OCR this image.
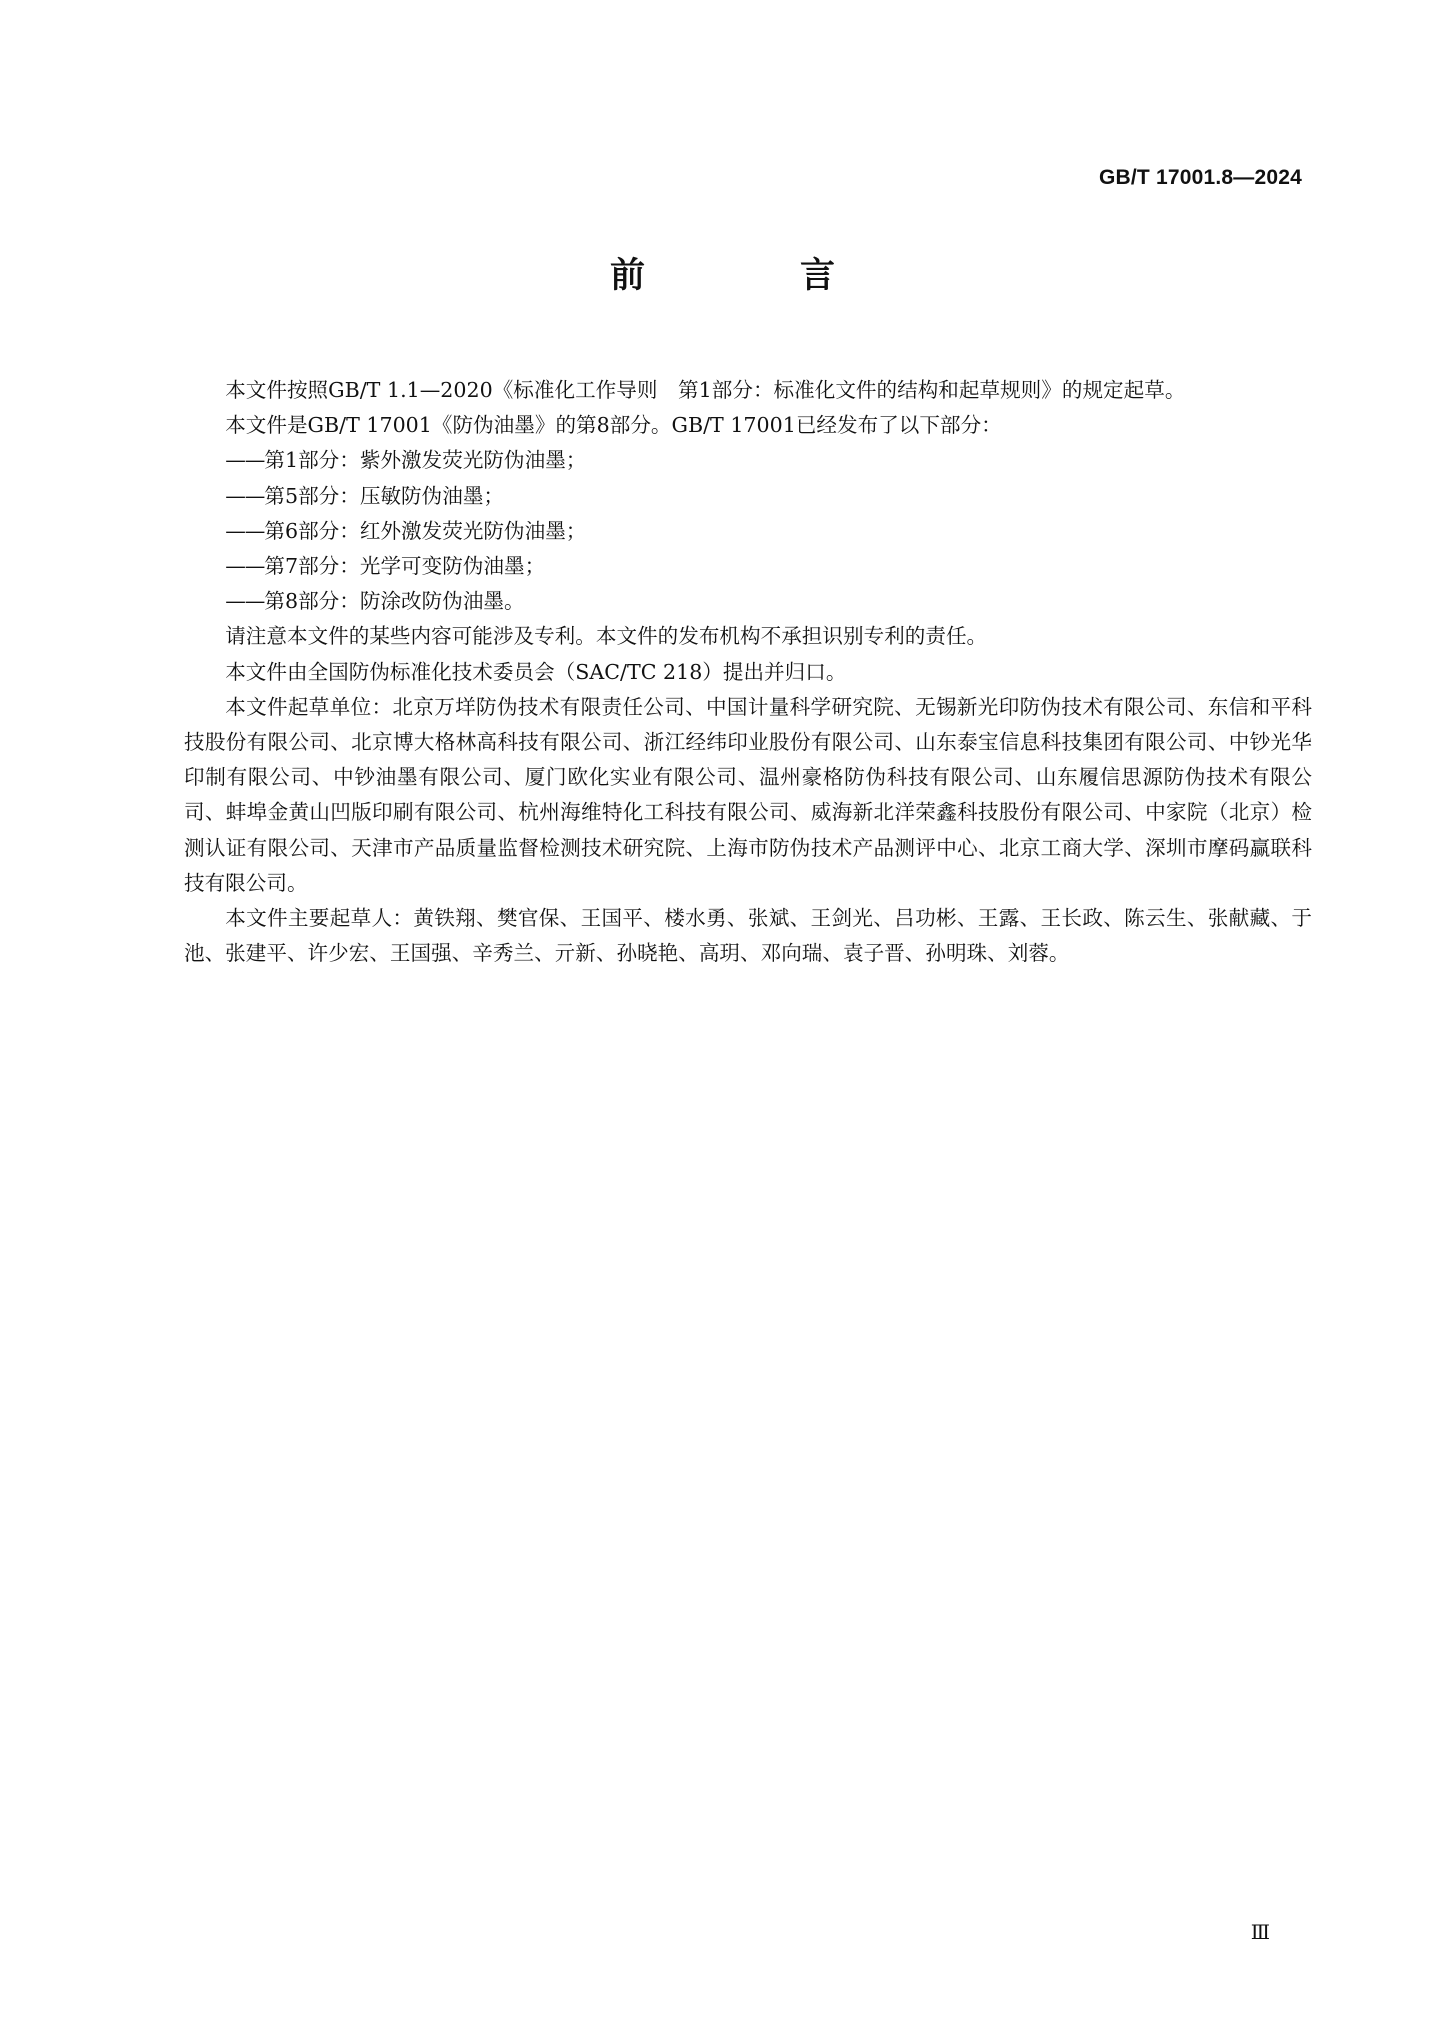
GB/T 17001.8—2024
前　言

本文件按照GB/T 1.1—2020《标准化工作导则　第1部分：标准化文件的结构和起草规则》的规定起草。

本文件是GB/T 17001《防伪油墨》的第8部分。GB/T 17001已经发布了以下部分：

——第1部分：紫外激发荧光防伪油墨；
——第5部分：压敏防伪油墨；
——第6部分：红外激发荧光防伪油墨；
——第7部分：光学可变防伪油墨；
——第8部分：防涂改防伪油墨。

请注意本文件的某些内容可能涉及专利。本文件的发布机构不承担识别专利的责任。

本文件由全国防伪标准化技术委员会（SAC/TC 218）提出并归口。

本文件起草单位：北京万垟防伪技术有限责任公司、中国计量科学研究院、无锡新光印防伪技术有限公司、东信和平科技股份有限公司、北京博大格林高科技有限公司、浙江经纬印业股份有限公司、山东泰宝信息科技集团有限公司、中钞光华印制有限公司、中钞油墨有限公司、厦门欧化实业有限公司、温州豪格防伪科技有限公司、山东履信思源防伪技术有限公司、蚌埠金黄山凹版印刷有限公司、杭州海维特化工科技有限公司、威海新北洋荣鑫科技股份有限公司、中家院（北京）检测认证有限公司、天津市产品质量监督检测技术研究院、上海市防伪技术产品测评中心、北京工商大学、深圳市摩码赢联科技有限公司。

本文件主要起草人：黄铁翔、樊官保、王国平、楼水勇、张斌、王剑光、吕功彬、王露、王长政、陈云生、张献藏、于池、张建平、许少宏、王国强、辛秀兰、亓新、孙晓艳、高玥、邓向瑞、袁子晋、孙明珠、刘蓉。

Ⅲ
